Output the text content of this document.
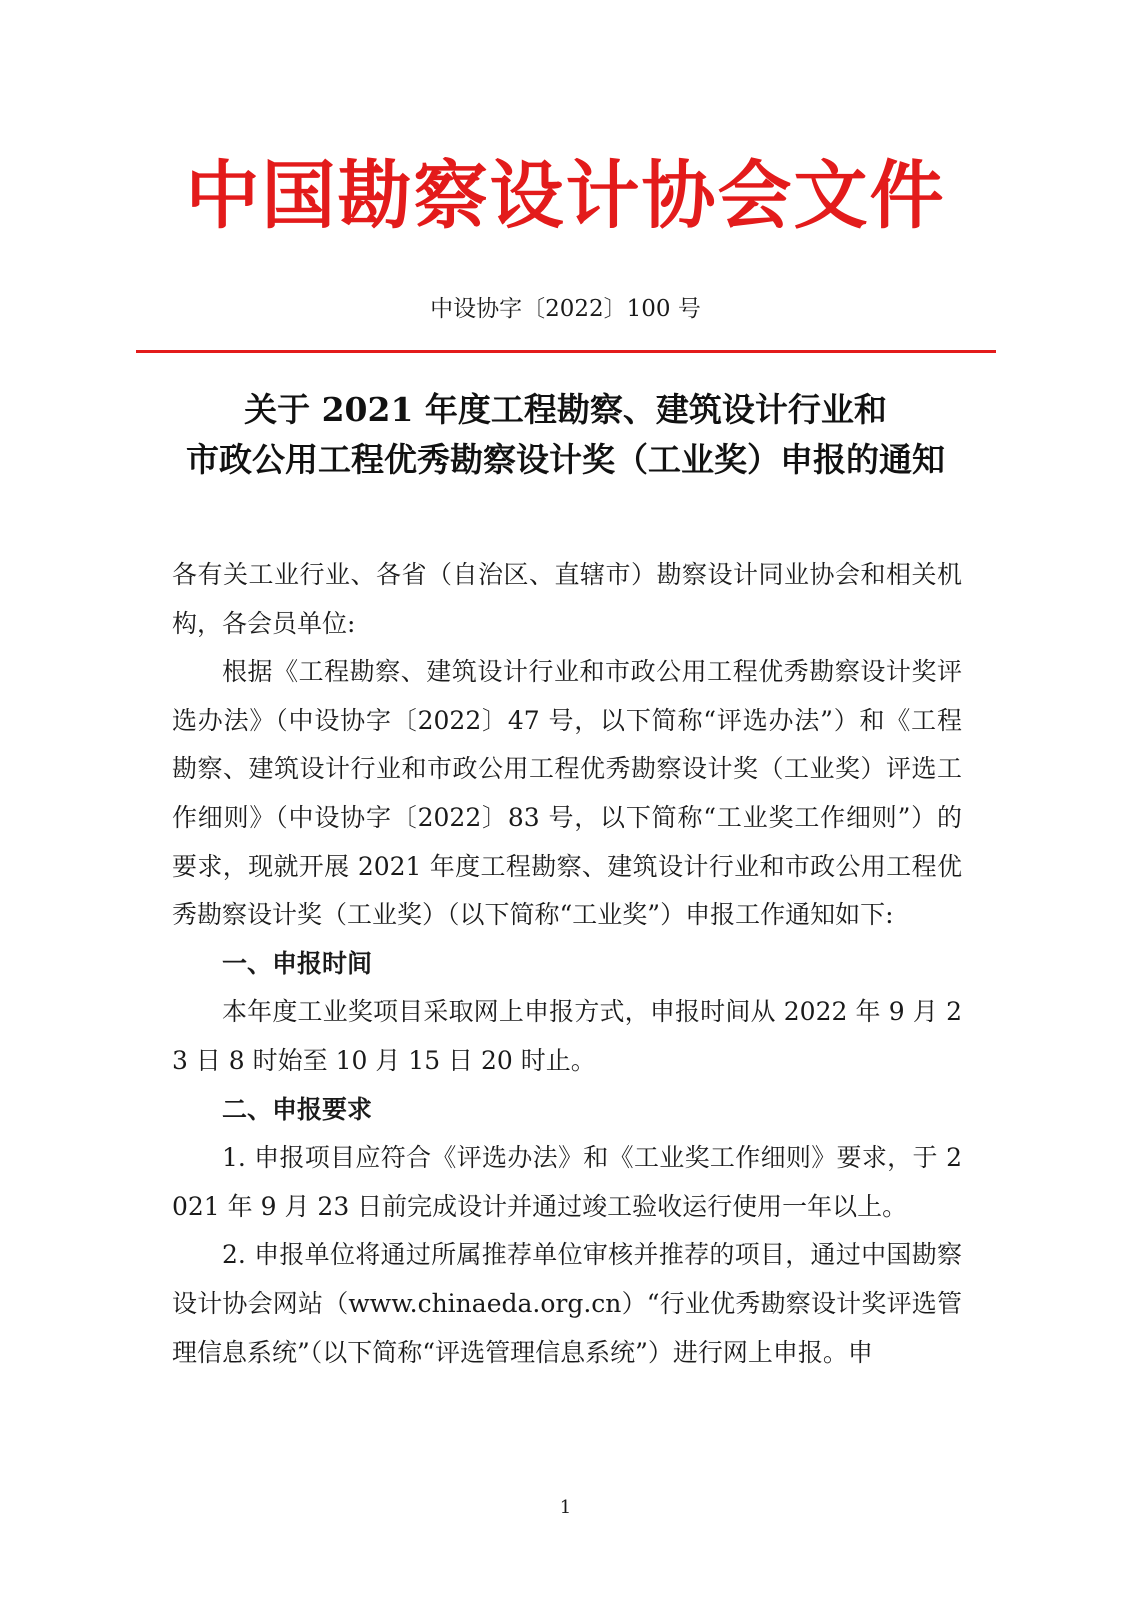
中国勘察设计协会文件
中设协字〔2022〕100 号
关于 2021 年度工程勘察、建筑设计行业和
市政公用工程优秀勘察设计奖（工业奖）申报的通知

各有关工业行业、各省（自治区、直辖市）勘察设计同业协会和相关机构，各会员单位:

根据《工程勘察、建筑设计行业和市政公用工程优秀勘察设计奖评选办法》（中设协字〔2022〕47 号，以下简称“评选办法”）和《工程勘察、建筑设计行业和市政公用工程优秀勘察设计奖（工业奖）评选工作细则》（中设协字〔2022〕83 号，以下简称“工业奖工作细则”）的要求，现就开展 2021 年度工程勘察、建筑设计行业和市政公用工程优秀勘察设计奖（工业奖）（以下简称“工业奖”）申报工作通知如下:

一、申报时间

本年度工业奖项目采取网上申报方式，申报时间从 2022 年 9 月 23 日 8 时始至 10 月 15 日 20 时止。

二、申报要求

1. 申报项目应符合《评选办法》和《工业奖工作细则》要求，于 2021 年 9 月 23 日前完成设计并通过竣工验收运行使用一年以上。

2. 申报单位将通过所属推荐单位审核并推荐的项目，通过中国勘察设计协会网站（www.chinaeda.org.cn）“行业优秀勘察设计奖评选管理信息系统”（以下简称“评选管理信息系统”）进行网上申报。申

1
